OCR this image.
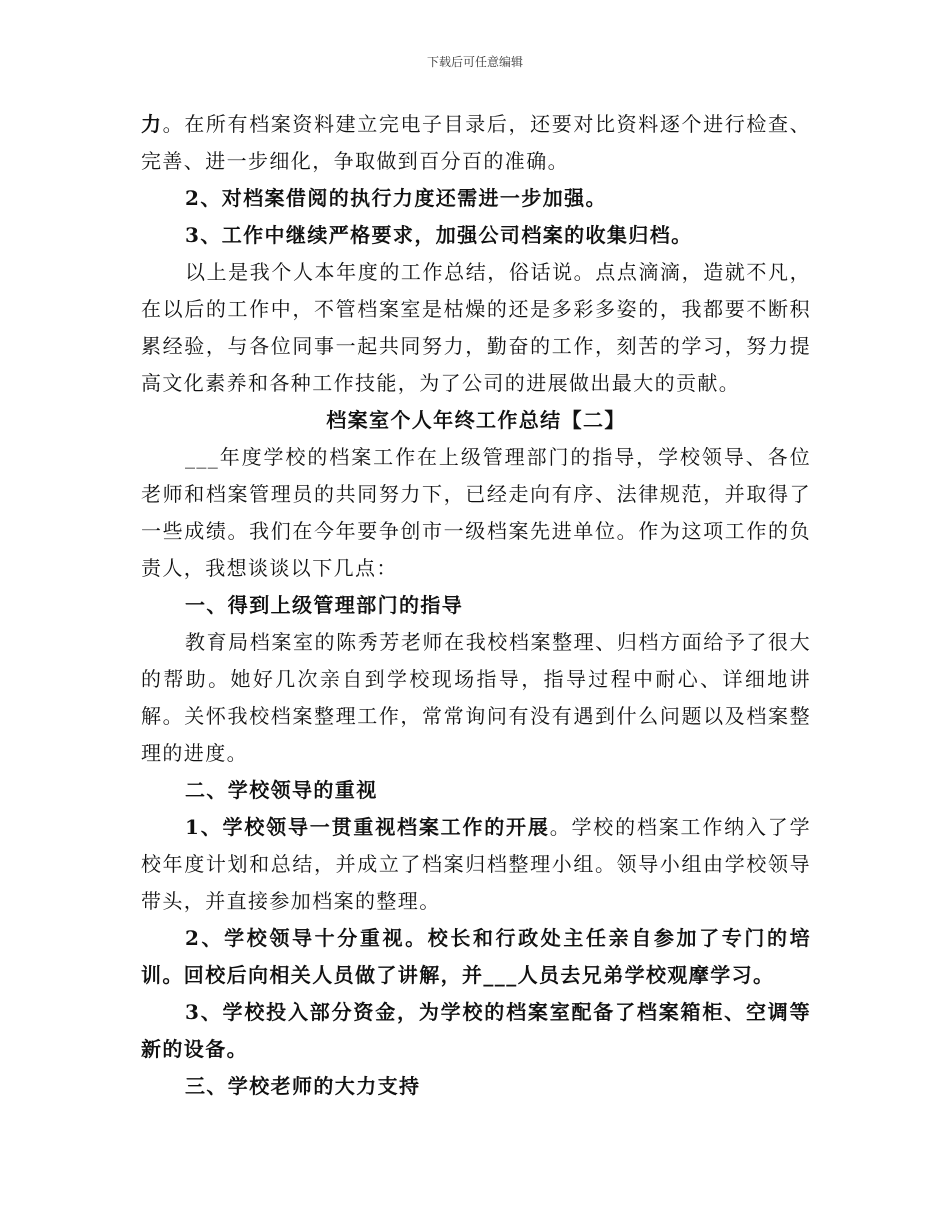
下载后可任意编辑

力。在所有档案资料建立完电子目录后，还要对比资料逐个进行检查、完善、进一步细化，争取做到百分百的准确。

2、对档案借阅的执行力度还需进一步加强。

3、工作中继续严格要求，加强公司档案的收集归档。

以上是我个人本年度的工作总结，俗话说。点点滴滴，造就不凡，在以后的工作中，不管档案室是枯燥的还是多彩多姿的，我都要不断积累经验，与各位同事一起共同努力，勤奋的工作，刻苦的学习，努力提高文化素养和各种工作技能，为了公司的进展做出最大的贡献。

档案室个人年终工作总结【二】

___年度学校的档案工作在上级管理部门的指导，学校领导、各位老师和档案管理员的共同努力下，已经走向有序、法律规范，并取得了一些成绩。我们在今年要争创市一级档案先进单位。作为这项工作的负责人，我想谈谈以下几点：

一、得到上级管理部门的指导

教育局档案室的陈秀芳老师在我校档案整理、归档方面给予了很大的帮助。她好几次亲自到学校现场指导，指导过程中耐心、详细地讲解。关怀我校档案整理工作，常常询问有没有遇到什么问题以及档案整理的进度。

二、学校领导的重视

1、学校领导一贯重视档案工作的开展。学校的档案工作纳入了学校年度计划和总结，并成立了档案归档整理小组。领导小组由学校领导带头，并直接参加档案的整理。

2、学校领导十分重视。校长和行政处主任亲自参加了专门的培训。回校后向相关人员做了讲解，并___人员去兄弟学校观摩学习。

3、学校投入部分资金，为学校的档案室配备了档案箱柜、空调等新的设备。

三、学校老师的大力支持
